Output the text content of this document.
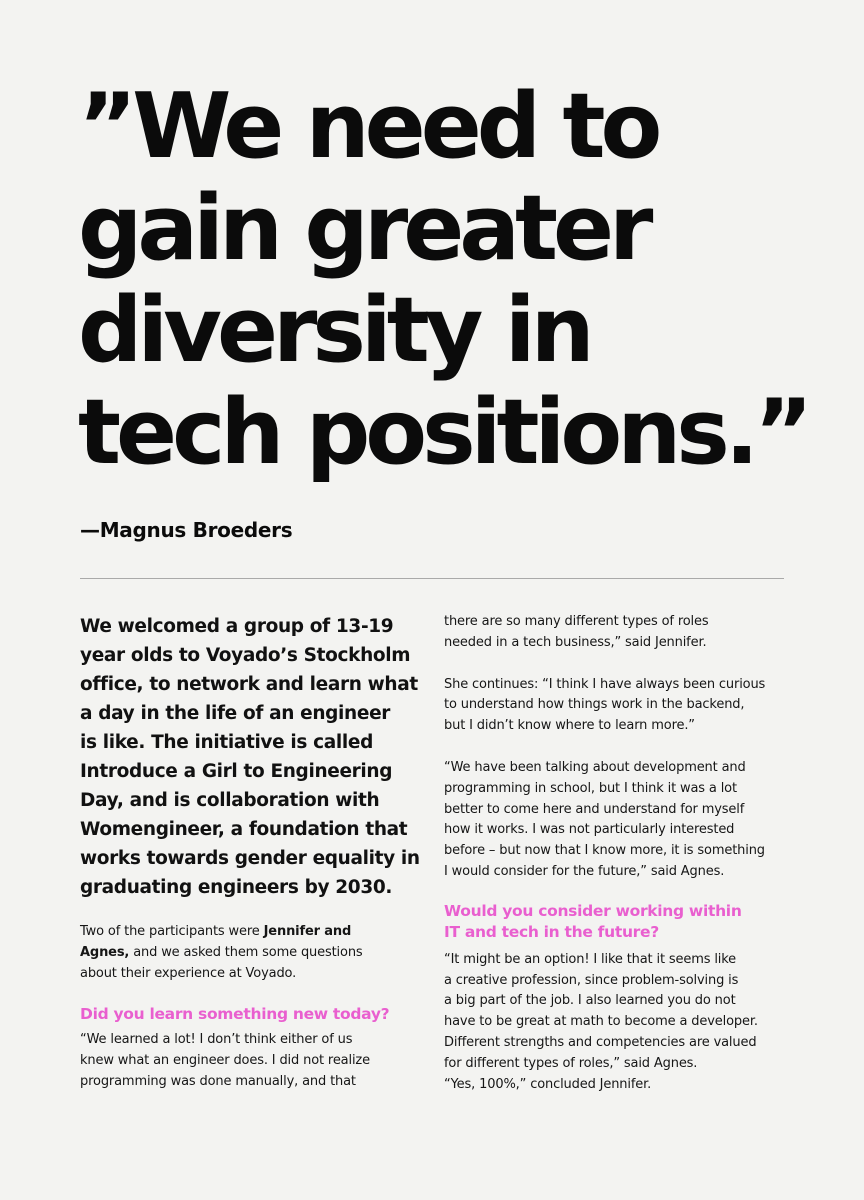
”We need to
gain greater
diversity in
tech positions.”
—Magnus Broeders

We welcomed a group of 13-19
year olds to Voyado’s Stockholm
office, to network and learn what
a day in the life of an engineer
is like. The initiative is called
Introduce a Girl to Engineering
Day, and is collaboration with
Womengineer, a foundation that
works towards gender equality in
graduating engineers by 2030.

Two of the participants were Jennifer and
Agnes, and we asked them some questions
about their experience at Voyado.

Did you learn something new today?

“We learned a lot! I don’t think either of us
knew what an engineer does. I did not realize
programming was done manually, and that

there are so many different types of roles
needed in a tech business,” said Jennifer.

She continues: “I think I have always been curious
to understand how things work in the backend,
but I didn’t know where to learn more.”

“We have been talking about development and
programming in school, but I think it was a lot
better to come here and understand for myself
how it works. I was not particularly interested
before – but now that I know more, it is something
I would consider for the future,” said Agnes.

Would you consider working within
IT and tech in the future?

“It might be an option! I like that it seems like
a creative profession, since problem-solving is
a big part of the job. I also learned you do not
have to be great at math to become a developer.
Different strengths and competencies are valued
for different types of roles,” said Agnes.
“Yes, 100%,” concluded Jennifer.
